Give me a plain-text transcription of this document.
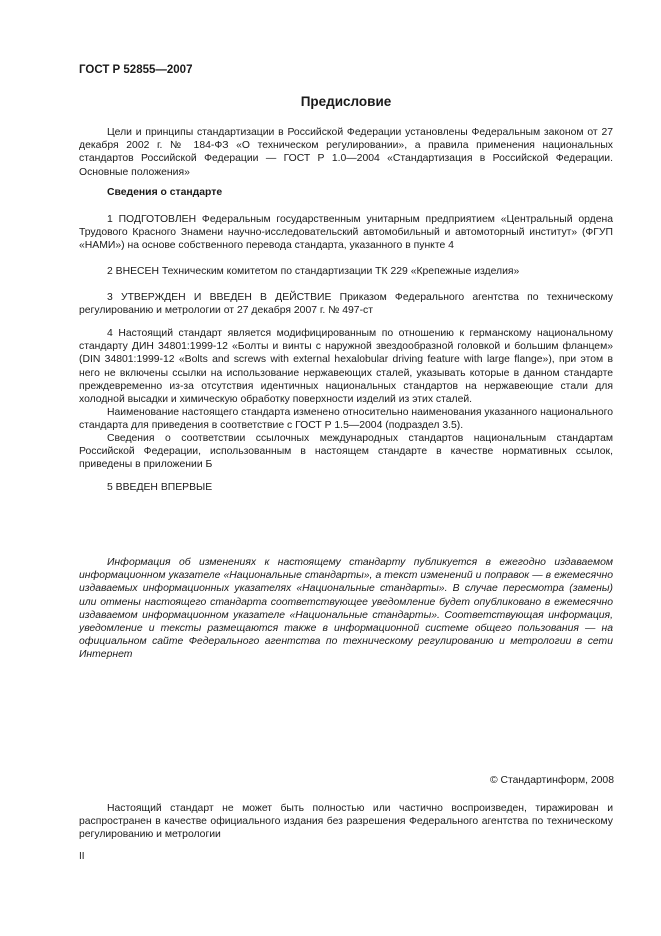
ГОСТ Р 52855—2007
Предисловие
Цели и принципы стандартизации в Российской Федерации установлены Федеральным законом от 27 декабря 2002 г. № 184-ФЗ «О техническом регулировании», а правила применения национальных стандартов Российской Федерации — ГОСТ Р 1.0—2004 «Стандартизация в Российской Федерации. Основные положения»
Сведения о стандарте
1 ПОДГОТОВЛЕН Федеральным государственным унитарным предприятием «Центральный ордена Трудового Красного Знамени научно-исследовательский автомобильный и автомоторный институт» (ФГУП «НАМИ») на основе собственного перевода стандарта, указанного в пункте 4
2 ВНЕСЕН Техническим комитетом по стандартизации ТК 229 «Крепежные изделия»
3 УТВЕРЖДЕН И ВВЕДЕН В ДЕЙСТВИЕ Приказом Федерального агентства по техническому регулированию и метрологии от 27 декабря 2007 г. № 497-ст
4 Настоящий стандарт является модифицированным по отношению к германскому национальному стандарту ДИН 34801:1999-12 «Болты и винты с наружной звездообразной головкой и большим фланцем» (DIN 34801:1999-12 «Bolts and screws with external hexalobular driving feature with large flange»), при этом в него не включены ссылки на использование нержавеющих сталей, указывать которые в данном стандарте преждевременно из-за отсутствия идентичных национальных стандартов на нержавеющие стали для холодной высадки и химическую обработку поверхности изделий из этих сталей.
Наименование настоящего стандарта изменено относительно наименования указанного национального стандарта для приведения в соответствие с ГОСТ Р 1.5—2004 (подраздел 3.5).
Сведения о соответствии ссылочных международных стандартов национальным стандартам Российской Федерации, использованным в настоящем стандарте в качестве нормативных ссылок, приведены в приложении Б
5 ВВЕДЕН ВПЕРВЫЕ
Информация об изменениях к настоящему стандарту публикуется в ежегодно издаваемом информационном указателе «Национальные стандарты», а текст изменений и поправок — в ежемесячно издаваемых информационных указателях «Национальные стандарты». В случае пересмотра (замены) или отмены настоящего стандарта соответствующее уведомление будет опубликовано в ежемесячно издаваемом информационном указателе «Национальные стандарты». Соответствующая информация, уведомление и тексты размещаются также в информационной системе общего пользования — на официальном сайте Федерального агентства по техническому регулированию и метрологии в сети Интернет
© Стандартинформ, 2008
Настоящий стандарт не может быть полностью или частично воспроизведен, тиражирован и распространен в качестве официального издания без разрешения Федерального агентства по техническому регулированию и метрологии
II
